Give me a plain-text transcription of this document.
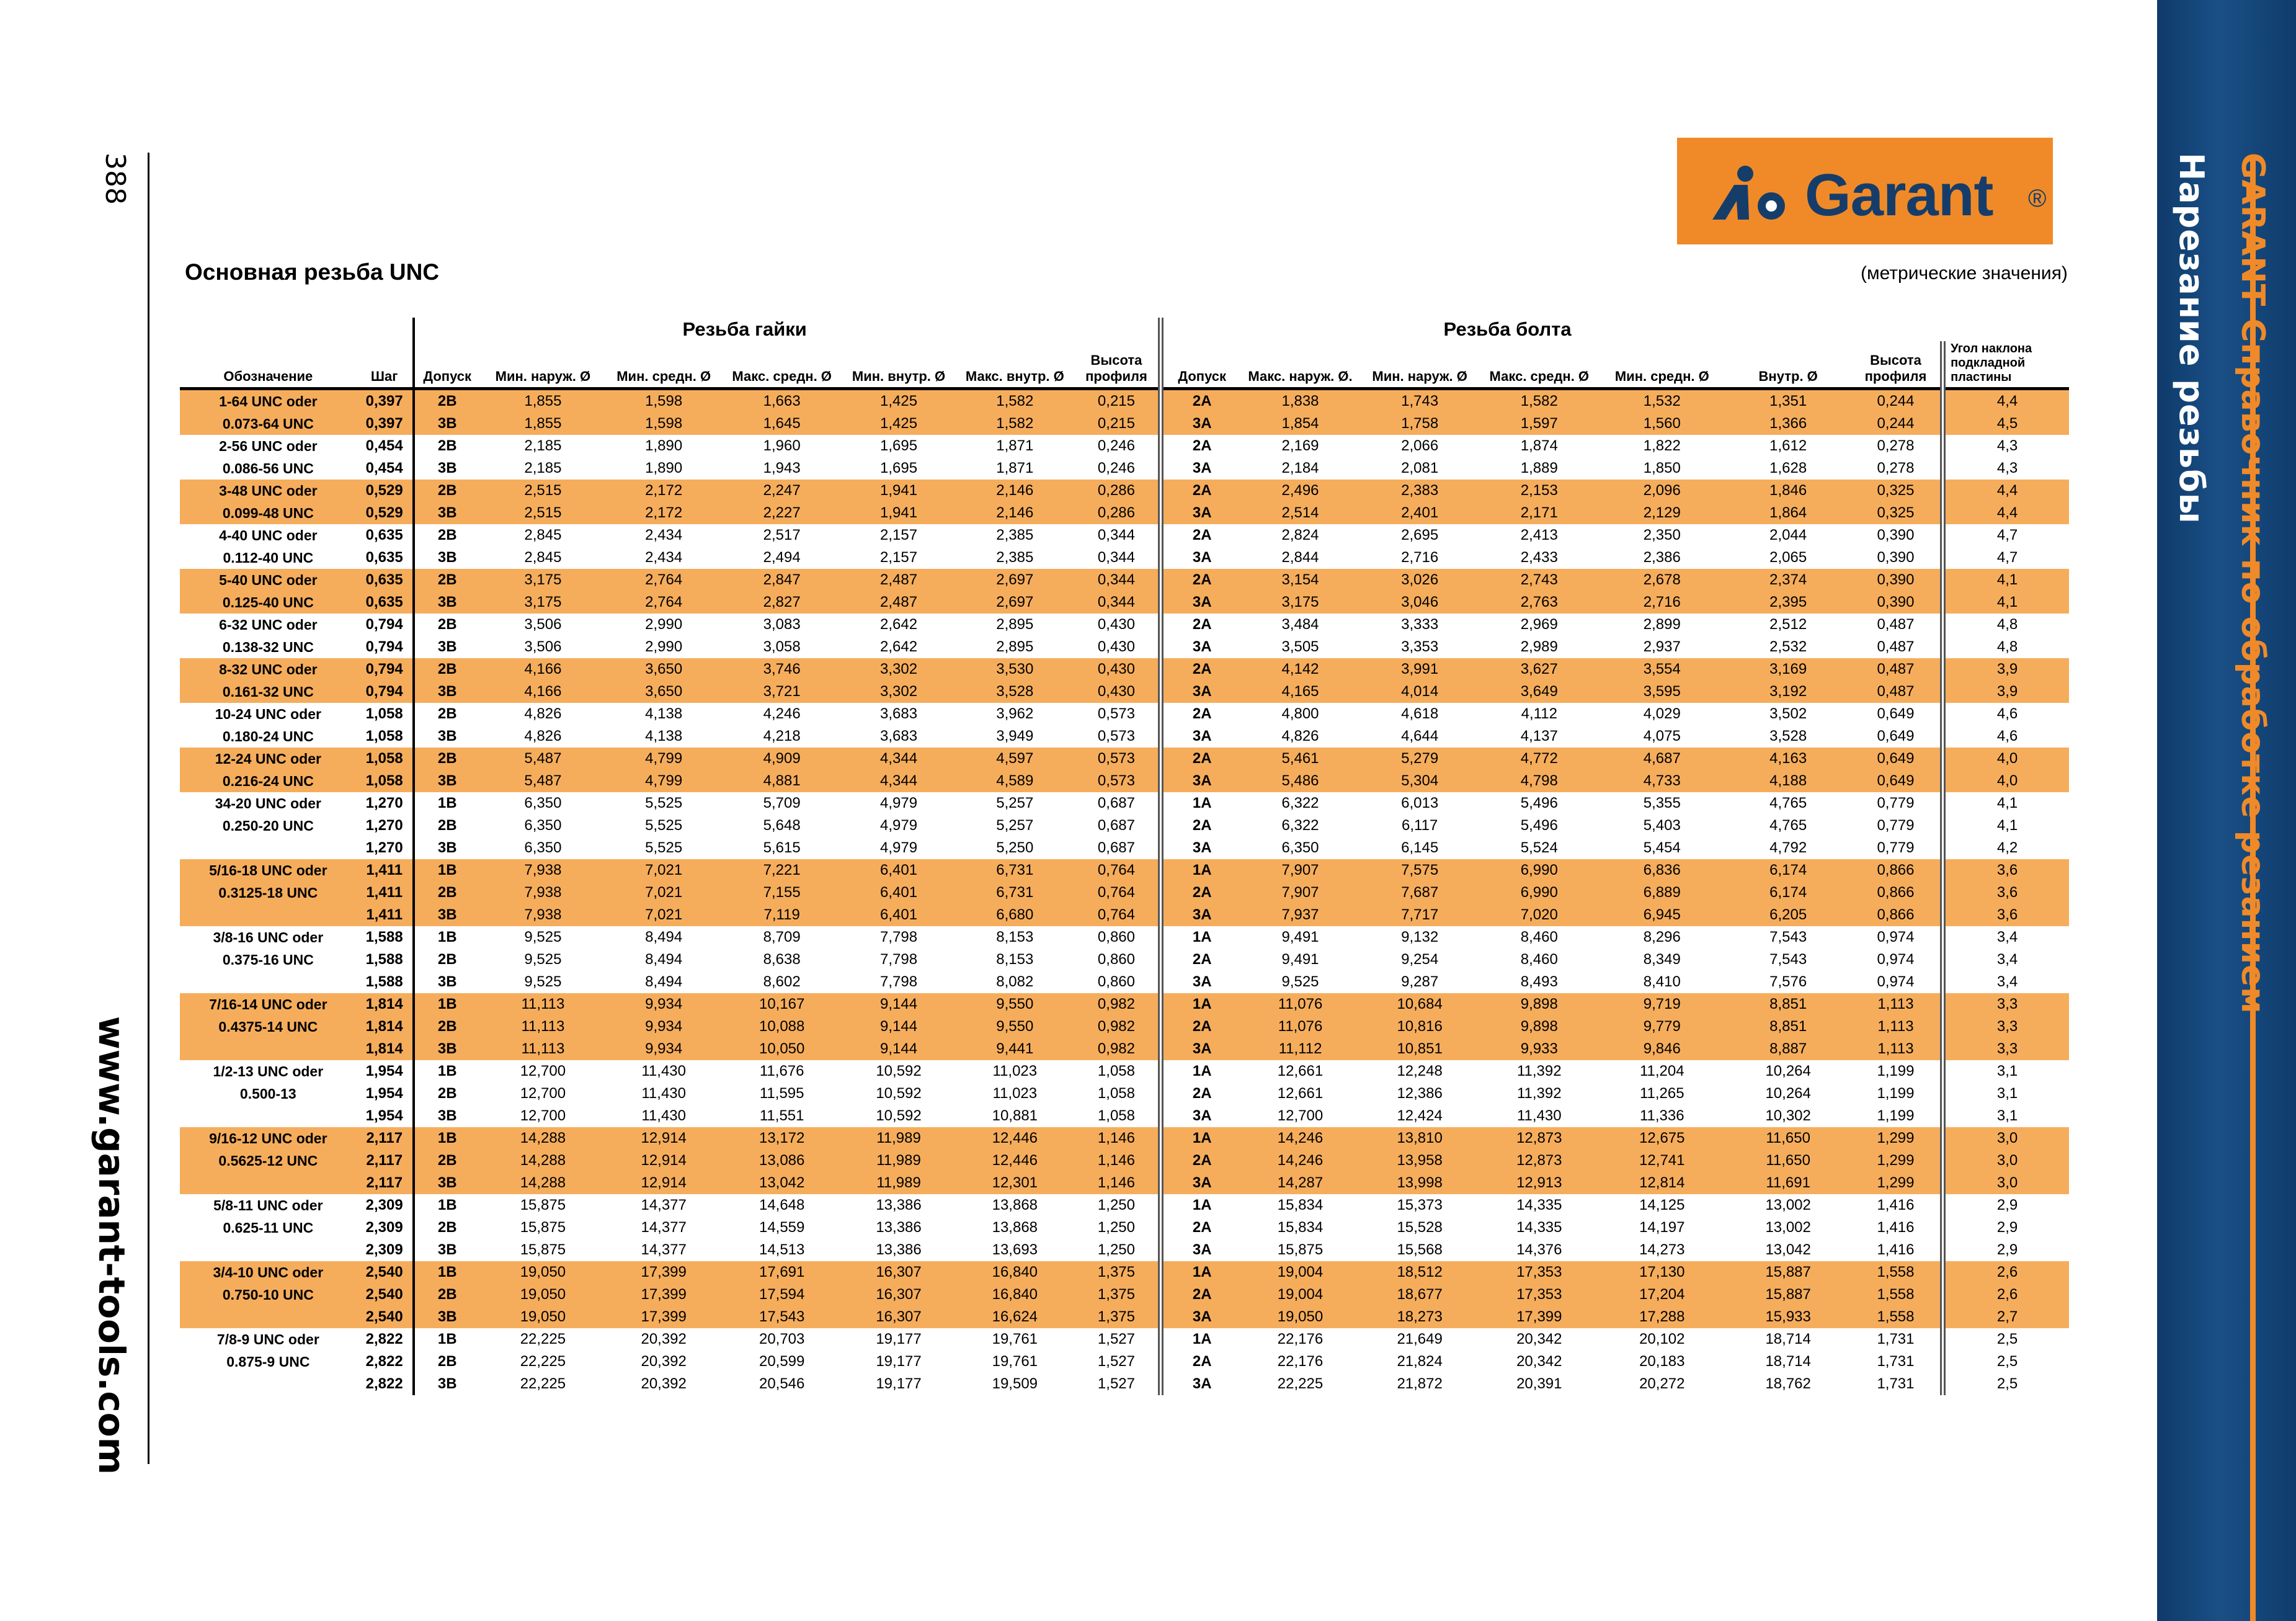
GARANT Справочник по обработке резанием
Нарезание резьбы
388
www.garant-tools.com
Garant ®
Основная резьба UNC	(метрические значения)
		Резьба гайки							Резьба болта							
Обозначение	Шаг	Допуск	Мин. наруж. Ø	Мин. средн. Ø	Макс. средн. Ø	Мин. внутр. Ø	Макс. внутр. Ø	Высота профиля	Допуск	Макс. наруж. Ø.	Мин. наруж. Ø	Макс. средн. Ø	Мин. средн. Ø	Внутр. Ø	Высота профиля	Угол наклона подкладной пластины
1-64 UNC oder	0,397	2B	1,855	1,598	1,663	1,425	1,582	0,215	2A	1,838	1,743	1,582	1,532	1,351	0,244	4,4
0.073-64 UNC	0,397	3B	1,855	1,598	1,645	1,425	1,582	0,215	3A	1,854	1,758	1,597	1,560	1,366	0,244	4,5
2-56 UNC oder	0,454	2B	2,185	1,890	1,960	1,695	1,871	0,246	2A	2,169	2,066	1,874	1,822	1,612	0,278	4,3
0.086-56 UNC	0,454	3B	2,185	1,890	1,943	1,695	1,871	0,246	3A	2,184	2,081	1,889	1,850	1,628	0,278	4,3
3-48 UNC oder	0,529	2B	2,515	2,172	2,247	1,941	2,146	0,286	2A	2,496	2,383	2,153	2,096	1,846	0,325	4,4
0.099-48 UNC	0,529	3B	2,515	2,172	2,227	1,941	2,146	0,286	3A	2,514	2,401	2,171	2,129	1,864	0,325	4,4
4-40 UNC oder	0,635	2B	2,845	2,434	2,517	2,157	2,385	0,344	2A	2,824	2,695	2,413	2,350	2,044	0,390	4,7
0.112-40 UNC	0,635	3B	2,845	2,434	2,494	2,157	2,385	0,344	3A	2,844	2,716	2,433	2,386	2,065	0,390	4,7
5-40 UNC oder	0,635	2B	3,175	2,764	2,847	2,487	2,697	0,344	2A	3,154	3,026	2,743	2,678	2,374	0,390	4,1
0.125-40 UNC	0,635	3B	3,175	2,764	2,827	2,487	2,697	0,344	3A	3,175	3,046	2,763	2,716	2,395	0,390	4,1
6-32 UNC oder	0,794	2B	3,506	2,990	3,083	2,642	2,895	0,430	2A	3,484	3,333	2,969	2,899	2,512	0,487	4,8
0.138-32 UNC	0,794	3B	3,506	2,990	3,058	2,642	2,895	0,430	3A	3,505	3,353	2,989	2,937	2,532	0,487	4,8
8-32 UNC oder	0,794	2B	4,166	3,650	3,746	3,302	3,530	0,430	2A	4,142	3,991	3,627	3,554	3,169	0,487	3,9
0.161-32 UNC	0,794	3B	4,166	3,650	3,721	3,302	3,528	0,430	3A	4,165	4,014	3,649	3,595	3,192	0,487	3,9
10-24 UNC oder	1,058	2B	4,826	4,138	4,246	3,683	3,962	0,573	2A	4,800	4,618	4,112	4,029	3,502	0,649	4,6
0.180-24 UNC	1,058	3B	4,826	4,138	4,218	3,683	3,949	0,573	3A	4,826	4,644	4,137	4,075	3,528	0,649	4,6
12-24 UNC oder	1,058	2B	5,487	4,799	4,909	4,344	4,597	0,573	2A	5,461	5,279	4,772	4,687	4,163	0,649	4,0
0.216-24 UNC	1,058	3B	5,487	4,799	4,881	4,344	4,589	0,573	3A	5,486	5,304	4,798	4,733	4,188	0,649	4,0
34-20 UNC oder	1,270	1B	6,350	5,525	5,709	4,979	5,257	0,687	1A	6,322	6,013	5,496	5,355	4,765	0,779	4,1
0.250-20 UNC	1,270	2B	6,350	5,525	5,648	4,979	5,257	0,687	2A	6,322	6,117	5,496	5,403	4,765	0,779	4,1
	1,270	3B	6,350	5,525	5,615	4,979	5,250	0,687	3A	6,350	6,145	5,524	5,454	4,792	0,779	4,2
5/16-18 UNC oder	1,411	1B	7,938	7,021	7,221	6,401	6,731	0,764	1A	7,907	7,575	6,990	6,836	6,174	0,866	3,6
0.3125-18 UNC	1,411	2B	7,938	7,021	7,155	6,401	6,731	0,764	2A	7,907	7,687	6,990	6,889	6,174	0,866	3,6
	1,411	3B	7,938	7,021	7,119	6,401	6,680	0,764	3A	7,937	7,717	7,020	6,945	6,205	0,866	3,6
3/8-16 UNC oder	1,588	1B	9,525	8,494	8,709	7,798	8,153	0,860	1A	9,491	9,132	8,460	8,296	7,543	0,974	3,4
0.375-16 UNC	1,588	2B	9,525	8,494	8,638	7,798	8,153	0,860	2A	9,491	9,254	8,460	8,349	7,543	0,974	3,4
	1,588	3B	9,525	8,494	8,602	7,798	8,082	0,860	3A	9,525	9,287	8,493	8,410	7,576	0,974	3,4
7/16-14 UNC oder	1,814	1B	11,113	9,934	10,167	9,144	9,550	0,982	1A	11,076	10,684	9,898	9,719	8,851	1,113	3,3
0.4375-14 UNC	1,814	2B	11,113	9,934	10,088	9,144	9,550	0,982	2A	11,076	10,816	9,898	9,779	8,851	1,113	3,3
	1,814	3B	11,113	9,934	10,050	9,144	9,441	0,982	3A	11,112	10,851	9,933	9,846	8,887	1,113	3,3
1/2-13 UNC oder	1,954	1B	12,700	11,430	11,676	10,592	11,023	1,058	1A	12,661	12,248	11,392	11,204	10,264	1,199	3,1
0.500-13	1,954	2B	12,700	11,430	11,595	10,592	11,023	1,058	2A	12,661	12,386	11,392	11,265	10,264	1,199	3,1
	1,954	3B	12,700	11,430	11,551	10,592	10,881	1,058	3A	12,700	12,424	11,430	11,336	10,302	1,199	3,1
9/16-12 UNC oder	2,117	1B	14,288	12,914	13,172	11,989	12,446	1,146	1A	14,246	13,810	12,873	12,675	11,650	1,299	3,0
0.5625-12 UNC	2,117	2B	14,288	12,914	13,086	11,989	12,446	1,146	2A	14,246	13,958	12,873	12,741	11,650	1,299	3,0
	2,117	3B	14,288	12,914	13,042	11,989	12,301	1,146	3A	14,287	13,998	12,913	12,814	11,691	1,299	3,0
5/8-11 UNC oder	2,309	1B	15,875	14,377	14,648	13,386	13,868	1,250	1A	15,834	15,373	14,335	14,125	13,002	1,416	2,9
0.625-11 UNC	2,309	2B	15,875	14,377	14,559	13,386	13,868	1,250	2A	15,834	15,528	14,335	14,197	13,002	1,416	2,9
	2,309	3B	15,875	14,377	14,513	13,386	13,693	1,250	3A	15,875	15,568	14,376	14,273	13,042	1,416	2,9
3/4-10 UNC oder	2,540	1B	19,050	17,399	17,691	16,307	16,840	1,375	1A	19,004	18,512	17,353	17,130	15,887	1,558	2,6
0.750-10 UNC	2,540	2B	19,050	17,399	17,594	16,307	16,840	1,375	2A	19,004	18,677	17,353	17,204	15,887	1,558	2,6
	2,540	3B	19,050	17,399	17,543	16,307	16,624	1,375	3A	19,050	18,273	17,399	17,288	15,933	1,558	2,7
7/8-9 UNC oder	2,822	1B	22,225	20,392	20,703	19,177	19,761	1,527	1A	22,176	21,649	20,342	20,102	18,714	1,731	2,5
0.875-9 UNC	2,822	2B	22,225	20,392	20,599	19,177	19,761	1,527	2A	22,176	21,824	20,342	20,183	18,714	1,731	2,5
	2,822	3B	22,225	20,392	20,546	19,177	19,509	1,527	3A	22,225	21,872	20,391	20,272	18,762	1,731	2,5
